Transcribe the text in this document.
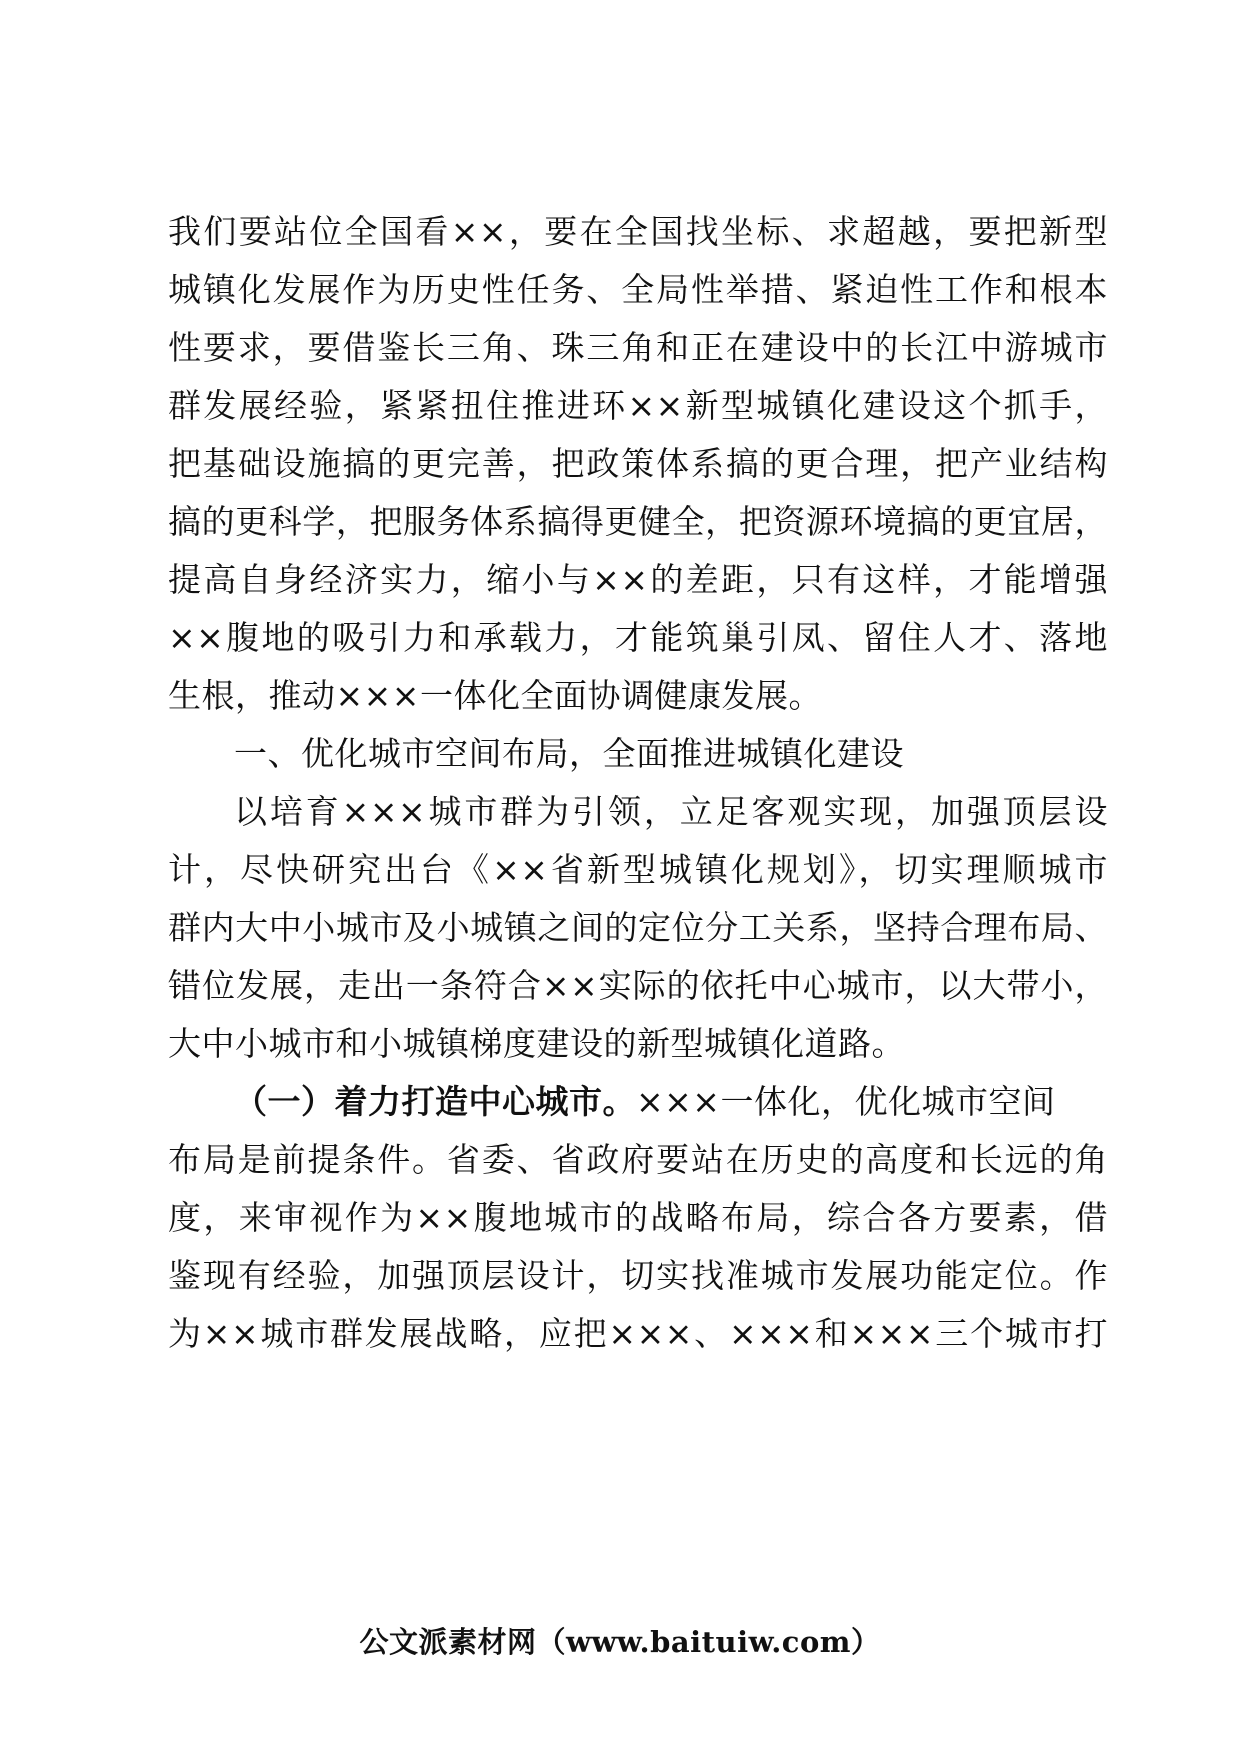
我们要站位全国看××，要在全国找坐标、求超越，要把新型
城镇化发展作为历史性任务、全局性举措、紧迫性工作和根本
性要求，要借鉴长三角、珠三角和正在建设中的长江中游城市
群发展经验，紧紧扭住推进环××新型城镇化建设这个抓手，
把基础设施搞的更完善，把政策体系搞的更合理，把产业结构
搞的更科学，把服务体系搞得更健全，把资源环境搞的更宜居，
提高自身经济实力，缩小与××的差距，只有这样，才能增强
××腹地的吸引力和承载力，才能筑巢引凤、留住人才、落地
生根，推动×××一体化全面协调健康发展。
一、优化城市空间布局，全面推进城镇化建设
以培育×××城市群为引领，立足客观实现，加强顶层设
计，尽快研究出台《××省新型城镇化规划》，切实理顺城市
群内大中小城市及小城镇之间的定位分工关系，坚持合理布局、
错位发展，走出一条符合××实际的依托中心城市，以大带小，
大中小城市和小城镇梯度建设的新型城镇化道路。
（一）着力打造中心城市。×××一体化，优化城市空间
布局是前提条件。省委、省政府要站在历史的高度和长远的角
度，来审视作为××腹地城市的战略布局，综合各方要素，借
鉴现有经验，加强顶层设计，切实找准城市发展功能定位。作
为××城市群发展战略，应把×××、×××和×××三个城市打
公文派素材网（www.baituiw.com）
